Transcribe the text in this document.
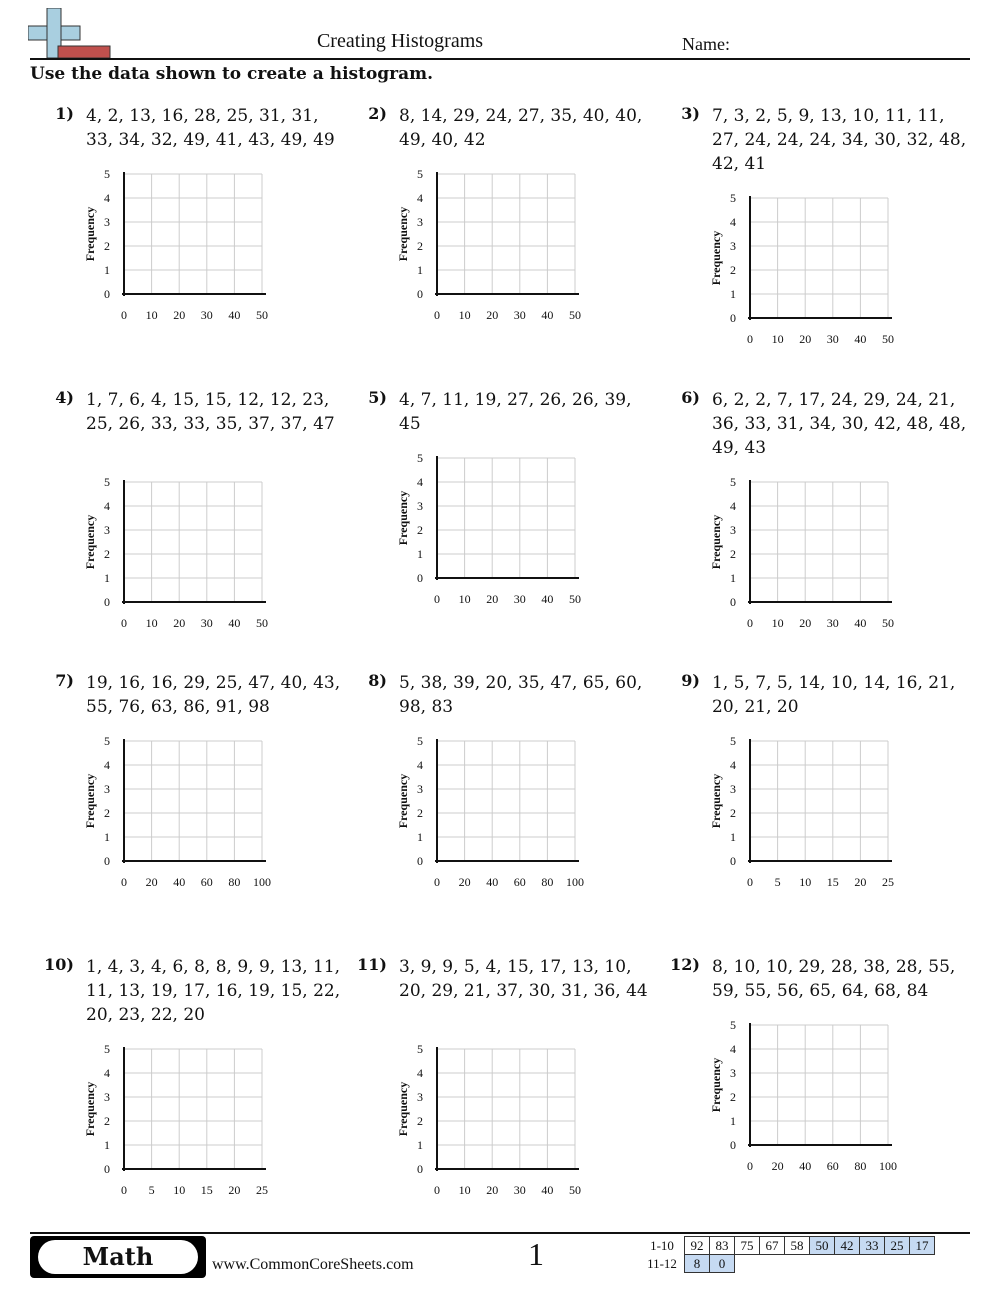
Creating Histograms	Name:
Use the data shown to create a histogram.
1) 4, 2, 13, 16, 28, 25, 31, 31, 33, 34, 32, 49, 41, 43, 49, 49
0
1
2
3
4
5
0 10 20 30 40 50
Frequency
2) 8, 14, 29, 24, 27, 35, 40, 40, 49, 40, 42
0
1
2
3
4
5
0 10 20 30 40 50
Frequency
3) 7, 3, 2, 5, 9, 13, 10, 11, 11, 27, 24, 24, 24, 34, 30, 32, 48, 42, 41
0
1
2
3
4
5
0 10 20 30 40 50
Frequency
4) 1, 7, 6, 4, 15, 15, 12, 12, 23, 25, 26, 33, 33, 35, 37, 37, 47
0
1
2
3
4
5
0 10 20 30 40 50
Frequency
5) 4, 7, 11, 19, 27, 26, 26, 39, 45
0
1
2
3
4
5
0 10 20 30 40 50
Frequency
6) 6, 2, 2, 7, 17, 24, 29, 24, 21, 36, 33, 31, 34, 30, 42, 48, 48, 49, 43
0
1
2
3
4
5
0 10 20 30 40 50
Frequency
7) 19, 16, 16, 29, 25, 47, 40, 43, 55, 76, 63, 86, 91, 98
0
1
2
3
4
5
0 20 40 60 80 100
Frequency
8) 5, 38, 39, 20, 35, 47, 65, 60, 98, 83
0
1
2
3
4
5
0 20 40 60 80 100
Frequency
9) 1, 5, 7, 5, 14, 10, 14, 16, 21, 20, 21, 20
0
1
2
3
4
5
0 5 10 15 20 25
Frequency
10) 1, 4, 3, 4, 6, 8, 8, 9, 9, 13, 11, 11, 13, 19, 17, 16, 19, 15, 22, 20, 23, 22, 20
0
1
2
3
4
5
0 5 10 15 20 25
Frequency
11) 3, 9, 9, 5, 4, 15, 17, 13, 10, 20, 29, 21, 37, 30, 31, 36, 44
0
1
2
3
4
5
0 10 20 30 40 50
Frequency
12) 8, 10, 10, 29, 28, 38, 28, 55, 59, 55, 56, 65, 64, 68, 84
0
1
2
3
4
5
0 20 40 60 80 100
Frequency
Math	www.CommonCoreSheets.com	1	1-10	92	83	75	67	58	50	42	33	25	17
11-12	8	0								
